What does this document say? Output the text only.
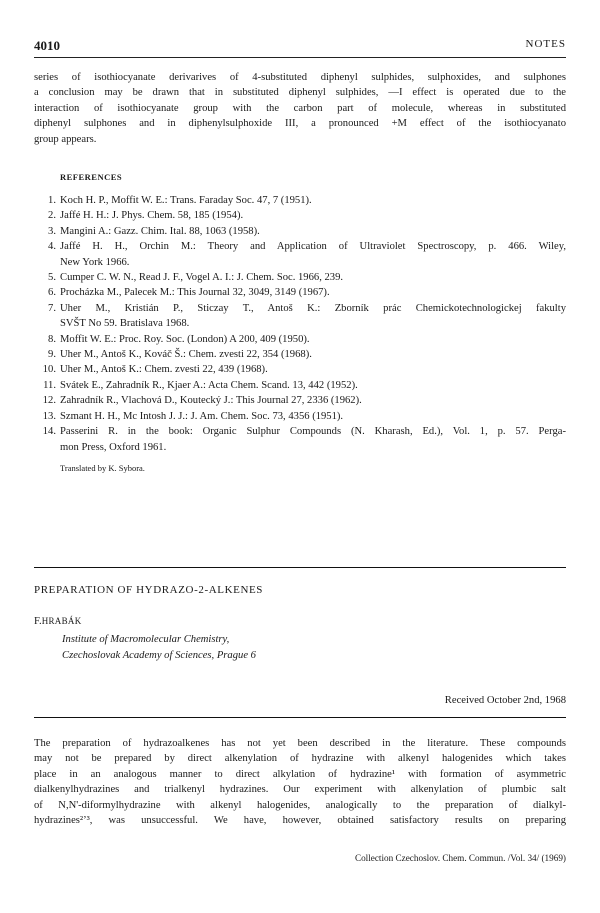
4010	NOTES

series of isothiocyanate derivarives of 4-substituted diphenyl sulphides, sulphoxides, and sulphones
a conclusion may be drawn that in substituted diphenyl sulphides, —I effect is operated due to the
interaction of isothiocyanate group with the carbon part of molecule, whereas in substituted
diphenyl sulphones and in diphenylsulphoxide III, a pronounced +M effect of the isothiocyanato
group appears.

REFERENCES
1. Koch H. P., Moffit W. E.: Trans. Faraday Soc. 47, 7 (1951).
2. Jaffé H. H.: J. Phys. Chem. 58, 185 (1954).
3. Mangini A.: Gazz. Chim. Ital. 88, 1063 (1958).
4. Jaffé H. H., Orchin M.: Theory and Application of Ultraviolet Spectroscopy, p. 466. Wiley,
New York 1966.
5. Cumper C. W. N., Read J. F., Vogel A. I.: J. Chem. Soc. 1966, 239.
6. Procházka M., Palecek M.: This Journal 32, 3049, 3149 (1967).
7. Uher M., Kristián P., Sticzay T., Antoš K.: Zborník prác Chemickotechnologickej fakulty
SVŠT No 59. Bratislava 1968.
8. Moffit W. E.: Proc. Roy. Soc. (London) A 200, 409 (1950).
9. Uher M., Antoš K., Kováč Š.: Chem. zvesti 22, 354 (1968).
10. Uher M., Antoš K.: Chem. zvesti 22, 439 (1968).
11. Svátek E., Zahradník R., Kjaer A.: Acta Chem. Scand. 13, 442 (1952).
12. Zahradník R., Vlachová D., Koutecký J.: This Journal 27, 2336 (1962).
13. Szmant H. H., Mc Intosh J. J.: J. Am. Chem. Soc. 73, 4356 (1951).
14. Passerini R. in the book: Organic Sulphur Compounds (N. Kharash, Ed.), Vol. 1, p. 57. Perga-
mon Press, Oxford 1961.
Translated by K. Sybora.
PREPARATION OF HYDRAZO-2-ALKENES
F.HRABÁK
Institute of Macromolecular Chemistry,
Czechoslovak Academy of Sciences, Prague 6
Received October 2nd, 1968

The preparation of hydrazoalkenes has not yet been described in the literature. These compounds
may not be prepared by direct alkenylation of hydrazine with alkenyl halogenides which takes
place in an analogous manner to direct alkylation of hydrazine¹ with formation of asymmetric
dialkenylhydrazines and trialkenyl hydrazines. Our experiment with alkenylation of plumbic salt
of N,N'-diformylhydrazine with alkenyl halogenides, analogically to the preparation of dialkyl-
hydrazines²ʼ³, was unsuccessful. We have, however, obtained satisfactory results on preparing

Collection Czechoslov. Chem. Commun. /Vol. 34/ (1969)
